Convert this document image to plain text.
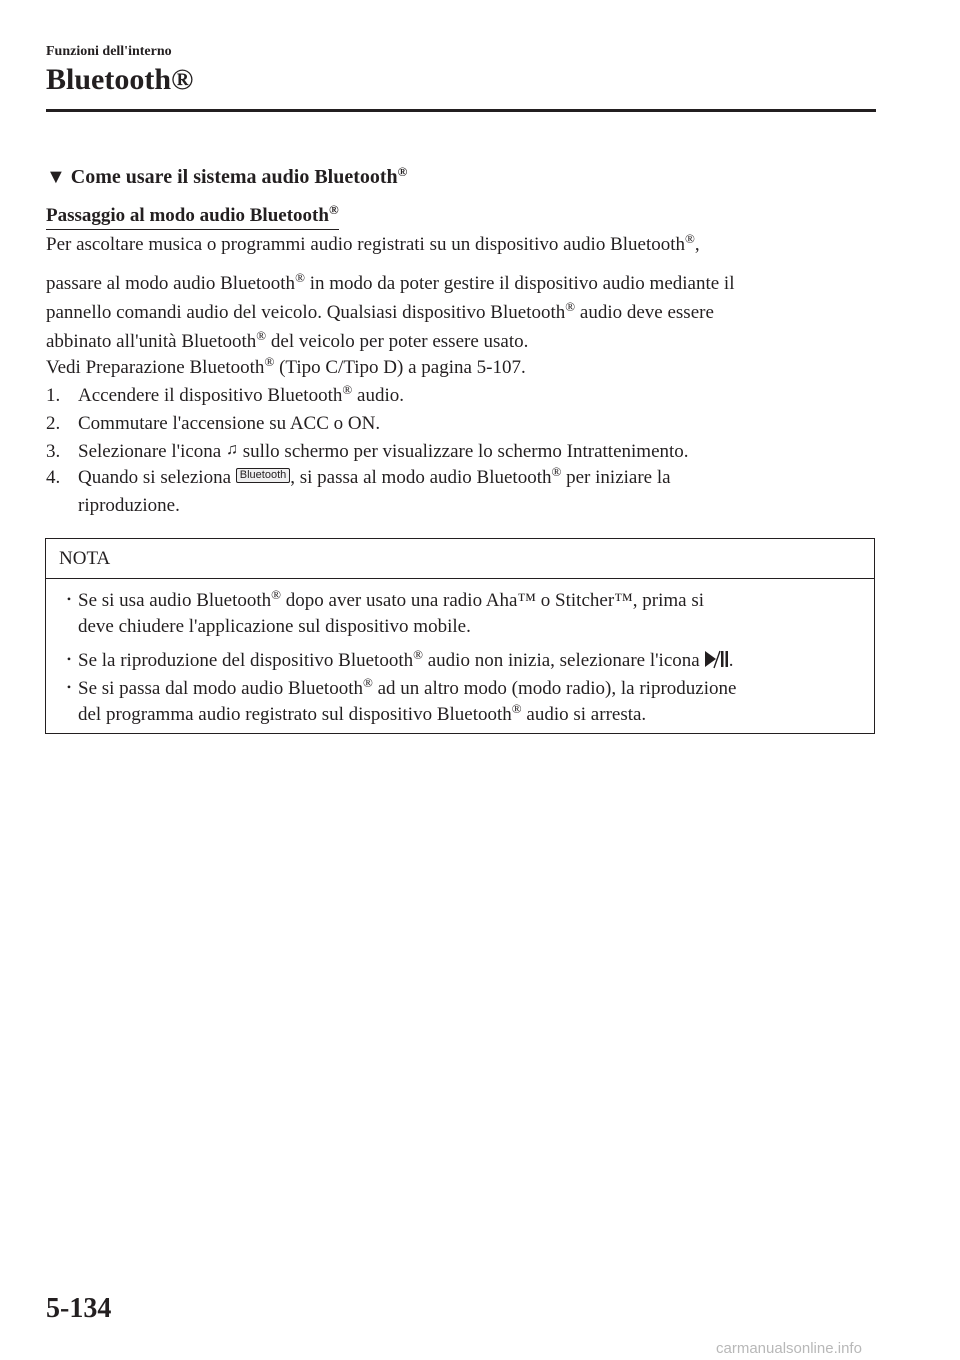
Funzioni dell'interno
Bluetooth®
▼ Come usare il sistema audio Bluetooth®
Passaggio al modo audio Bluetooth®
Per ascoltare musica o programmi audio registrati su un dispositivo audio Bluetooth®,
passare al modo audio Bluetooth® in modo da poter gestire il dispositivo audio mediante il
pannello comandi audio del veicolo. Qualsiasi dispositivo Bluetooth® audio deve essere
abbinato all'unità Bluetooth® del veicolo per poter essere usato.
Vedi Preparazione Bluetooth® (Tipo C/Tipo D) a pagina 5-107.
1. Accendere il dispositivo Bluetooth® audio.
2. Commutare l'accensione su ACC o ON.
3. Selezionare l'icona ♫ sullo schermo per visualizzare lo schermo Intrattenimento.
4. Quando si seleziona Bluetooth , si passa al modo audio Bluetooth® per iniziare la
riproduzione.
NOTA
• Se si usa audio Bluetooth® dopo aver usato una radio Aha™ o Stitcher™, prima si
deve chiudere l'applicazione sul dispositivo mobile.
• Se la riproduzione del dispositivo Bluetooth® audio non inizia, selezionare l'icona .
• Se si passa dal modo audio Bluetooth® ad un altro modo (modo radio), la riproduzione
del programma audio registrato sul dispositivo Bluetooth® audio si arresta.
5-134
carmanualsonline.info
